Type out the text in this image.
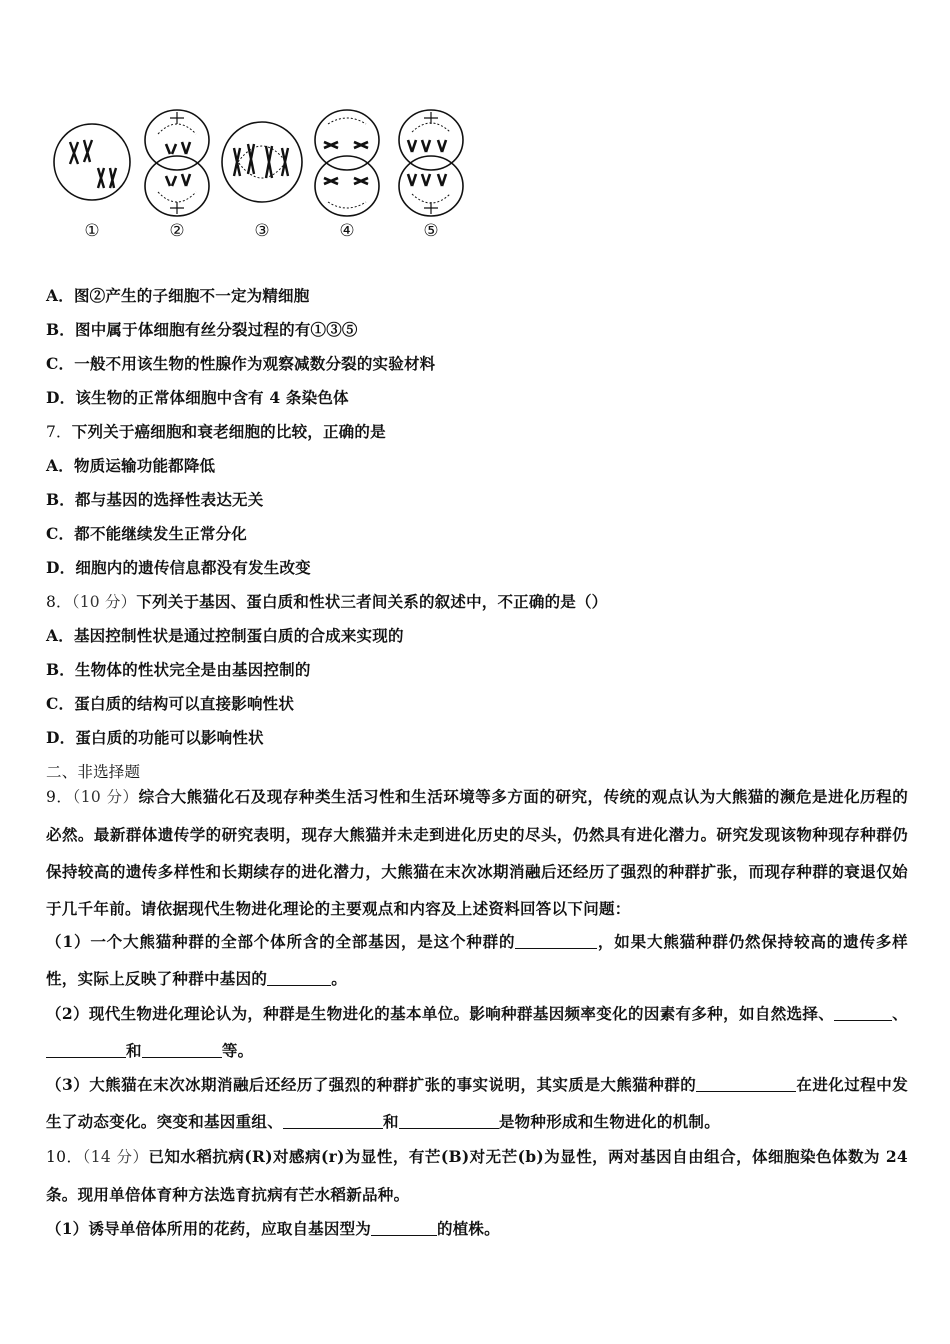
①	②	③	④	⑤
A．图②产生的子细胞不一定为精细胞
B．图中属于体细胞有丝分裂过程的有①③⑤
C．一般不用该生物的性腺作为观察减数分裂的实验材料
D．该生物的正常体细胞中含有 4 条染色体
7．下列关于癌细胞和衰老细胞的比较，正确的是
A．物质运输功能都降低
B．都与基因的选择性表达无关
C．都不能继续发生正常分化
D．细胞内的遗传信息都没有发生改变
8．（10 分）下列关于基因、蛋白质和性状三者间关系的叙述中，不正确的是（）
A．基因控制性状是通过控制蛋白质的合成来实现的
B．生物体的性状完全是由基因控制的
C．蛋白质的结构可以直接影响性状
D．蛋白质的功能可以影响性状
二、非选择题
9．（10 分）综合大熊猫化石及现存种类生活习性和生活环境等多方面的研究，传统的观点认为大熊猫的濒危是进化历程的必然。最新群体遗传学的研究表明，现存大熊猫并未走到进化历史的尽头，仍然具有进化潜力。研究发现该物种现存种群仍保持较高的遗传多样性和长期续存的进化潜力，大熊猫在末次冰期消融后还经历了强烈的种群扩张，而现存种群的衰退仅始于几千年前。请依据现代生物进化理论的主要观点和内容及上述资料回答以下问题：
（1）一个大熊猫种群的全部个体所含的全部基因，是这个种群的	，如果大熊猫种群仍然保持较高的遗传多样性，实际上反映了种群中基因的	。
（2）现代生物进化理论认为，种群是生物进化的基本单位。影响种群基因频率变化的因素有多种，如自然选择、	、和	等。
（3）大熊猫在末次冰期消融后还经历了强烈的种群扩张的事实说明，其实质是大熊猫种群的	在进化过程中发生了动态变化。突变和基因重组、	和	是物种形成和生物进化的机制。
10．（14 分）已知水稻抗病(R)对感病(r)为显性，有芒(B)对无芒(b)为显性，两对基因自由组合，体细胞染色体数为 24 条。现用单倍体育种方法选育抗病有芒水稻新品种。
（1）诱导单倍体所用的花药，应取自基因型为	的植株。
